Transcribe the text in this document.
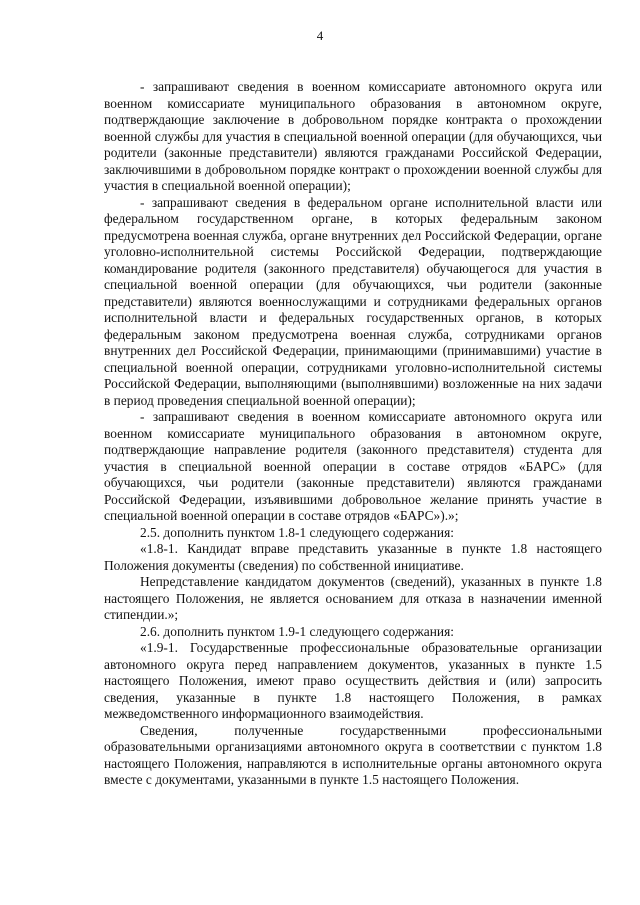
4

- запрашивают сведения в военном комиссариате автономного округа или военном комиссариате муниципального образования в автономном округе, подтверждающие заключение в добровольном порядке контракта о прохождении военной службы для участия в специальной военной операции (для обучающихся, чьи родители (законные представители) являются гражданами Российской Федерации, заключившими в добровольном порядке контракт о прохождении военной службы для участия в специальной военной операции);

- запрашивают сведения в федеральном органе исполнительной власти или федеральном государственном органе, в которых федеральным законом предусмотрена военная служба, органе внутренних дел Российской Федерации, органе уголовно-исполнительной системы Российской Федерации, подтверждающие командирование родителя (законного представителя) обучающегося для участия в специальной военной операции (для обучающихся, чьи родители (законные представители) являются военнослужащими и сотрудниками федеральных органов исполнительной власти и федеральных государственных органов, в которых федеральным законом предусмотрена военная служба, сотрудниками органов внутренних дел Российской Федерации, принимающими (принимавшими) участие в специальной военной операции, сотрудниками уголовно-исполнительной системы Российской Федерации, выполняющими (выполнявшими) возложенные на них задачи в период проведения специальной военной операции);

- запрашивают сведения в военном комиссариате автономного округа или военном комиссариате муниципального образования в автономном округе, подтверждающие направление родителя (законного представителя) студента для участия в специальной военной операции в составе отрядов «БАРС» (для обучающихся, чьи родители (законные представители) являются гражданами Российской Федерации, изъявившими добровольное желание принять участие в специальной военной операции в составе отрядов «БАРС»).»;

2.5. дополнить пунктом 1.8-1 следующего содержания:

«1.8-1. Кандидат вправе представить указанные в пункте 1.8 настоящего Положения документы (сведения) по собственной инициативе.

Непредставление кандидатом документов (сведений), указанных в пункте 1.8 настоящего Положения, не является основанием для отказа в назначении именной стипендии.»;

2.6. дополнить пунктом 1.9-1 следующего содержания:

«1.9-1. Государственные профессиональные образовательные организации автономного округа перед направлением документов, указанных в пункте 1.5 настоящего Положения, имеют право осуществить действия и (или) запросить сведения, указанные в пункте 1.8 настоящего Положения, в рамках межведомственного информационного взаимодействия.

Сведения, полученные государственными профессиональными образовательными организациями автономного округа в соответствии с пунктом 1.8 настоящего Положения, направляются в исполнительные органы автономного округа вместе с документами, указанными в пункте 1.5 настоящего Положения.
